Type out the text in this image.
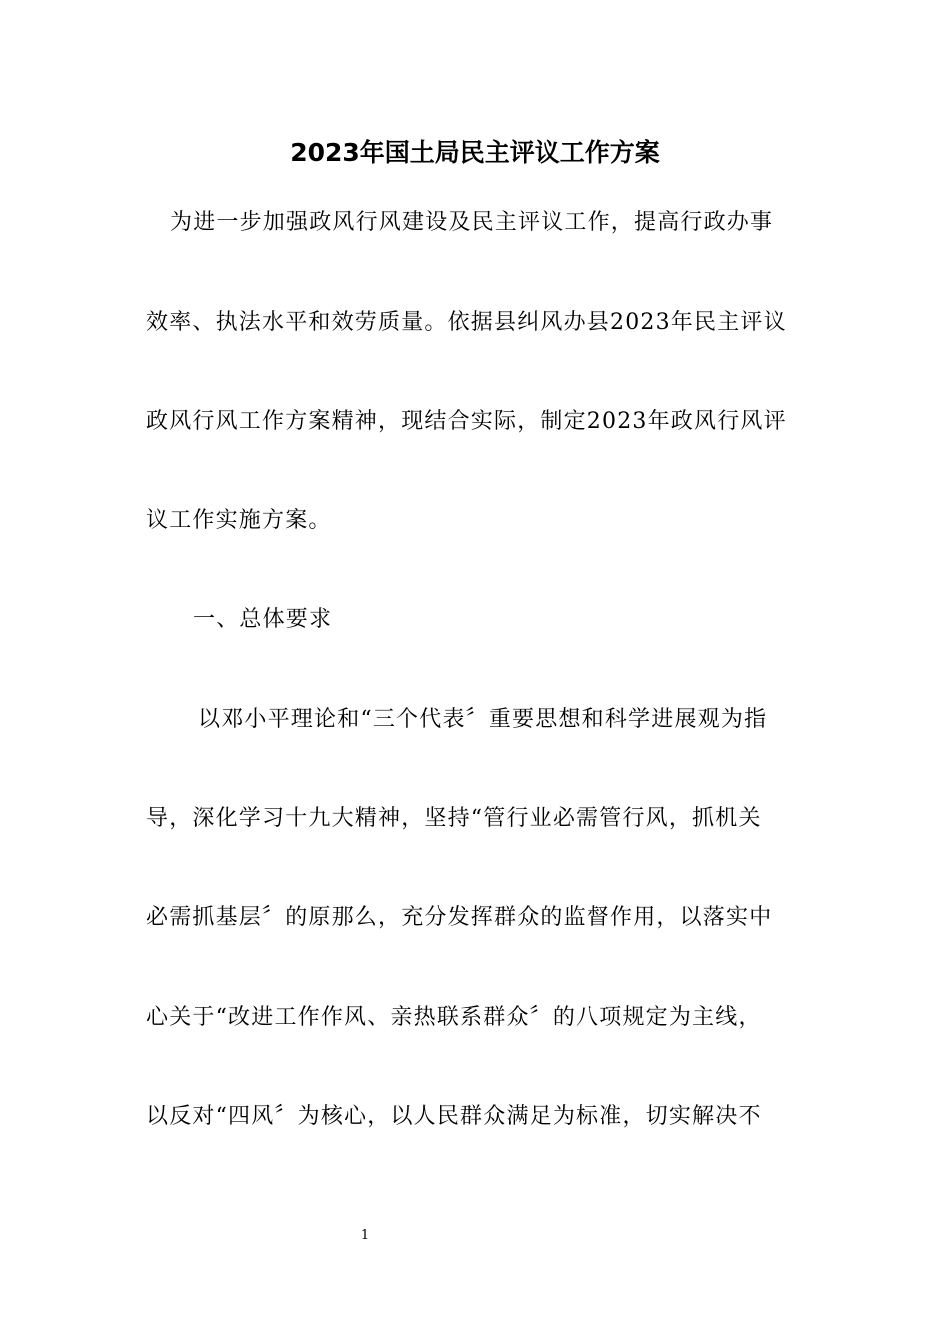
2023年国土局民主评议工作方案
为进一步加强政风行风建设及民主评议工作，提高行政办事
效率、执法水平和效劳质量。依据县纠风办县2023年民主评议
政风行风工作方案精神，现结合实际，制定2023年政风行风评
议工作实施方案。
一、总体要求
以邓小平理论和“三个代表〞重要思想和科学进展观为指
导，深化学习十九大精神，坚持“管行业必需管行风，抓机关
必需抓基层〞的原那么，充分发挥群众的监督作用，以落实中
心关于“改进工作作风、亲热联系群众〞的八项规定为主线，
以反对“四风〞为核心，以人民群众满足为标准，切实解决不
1
